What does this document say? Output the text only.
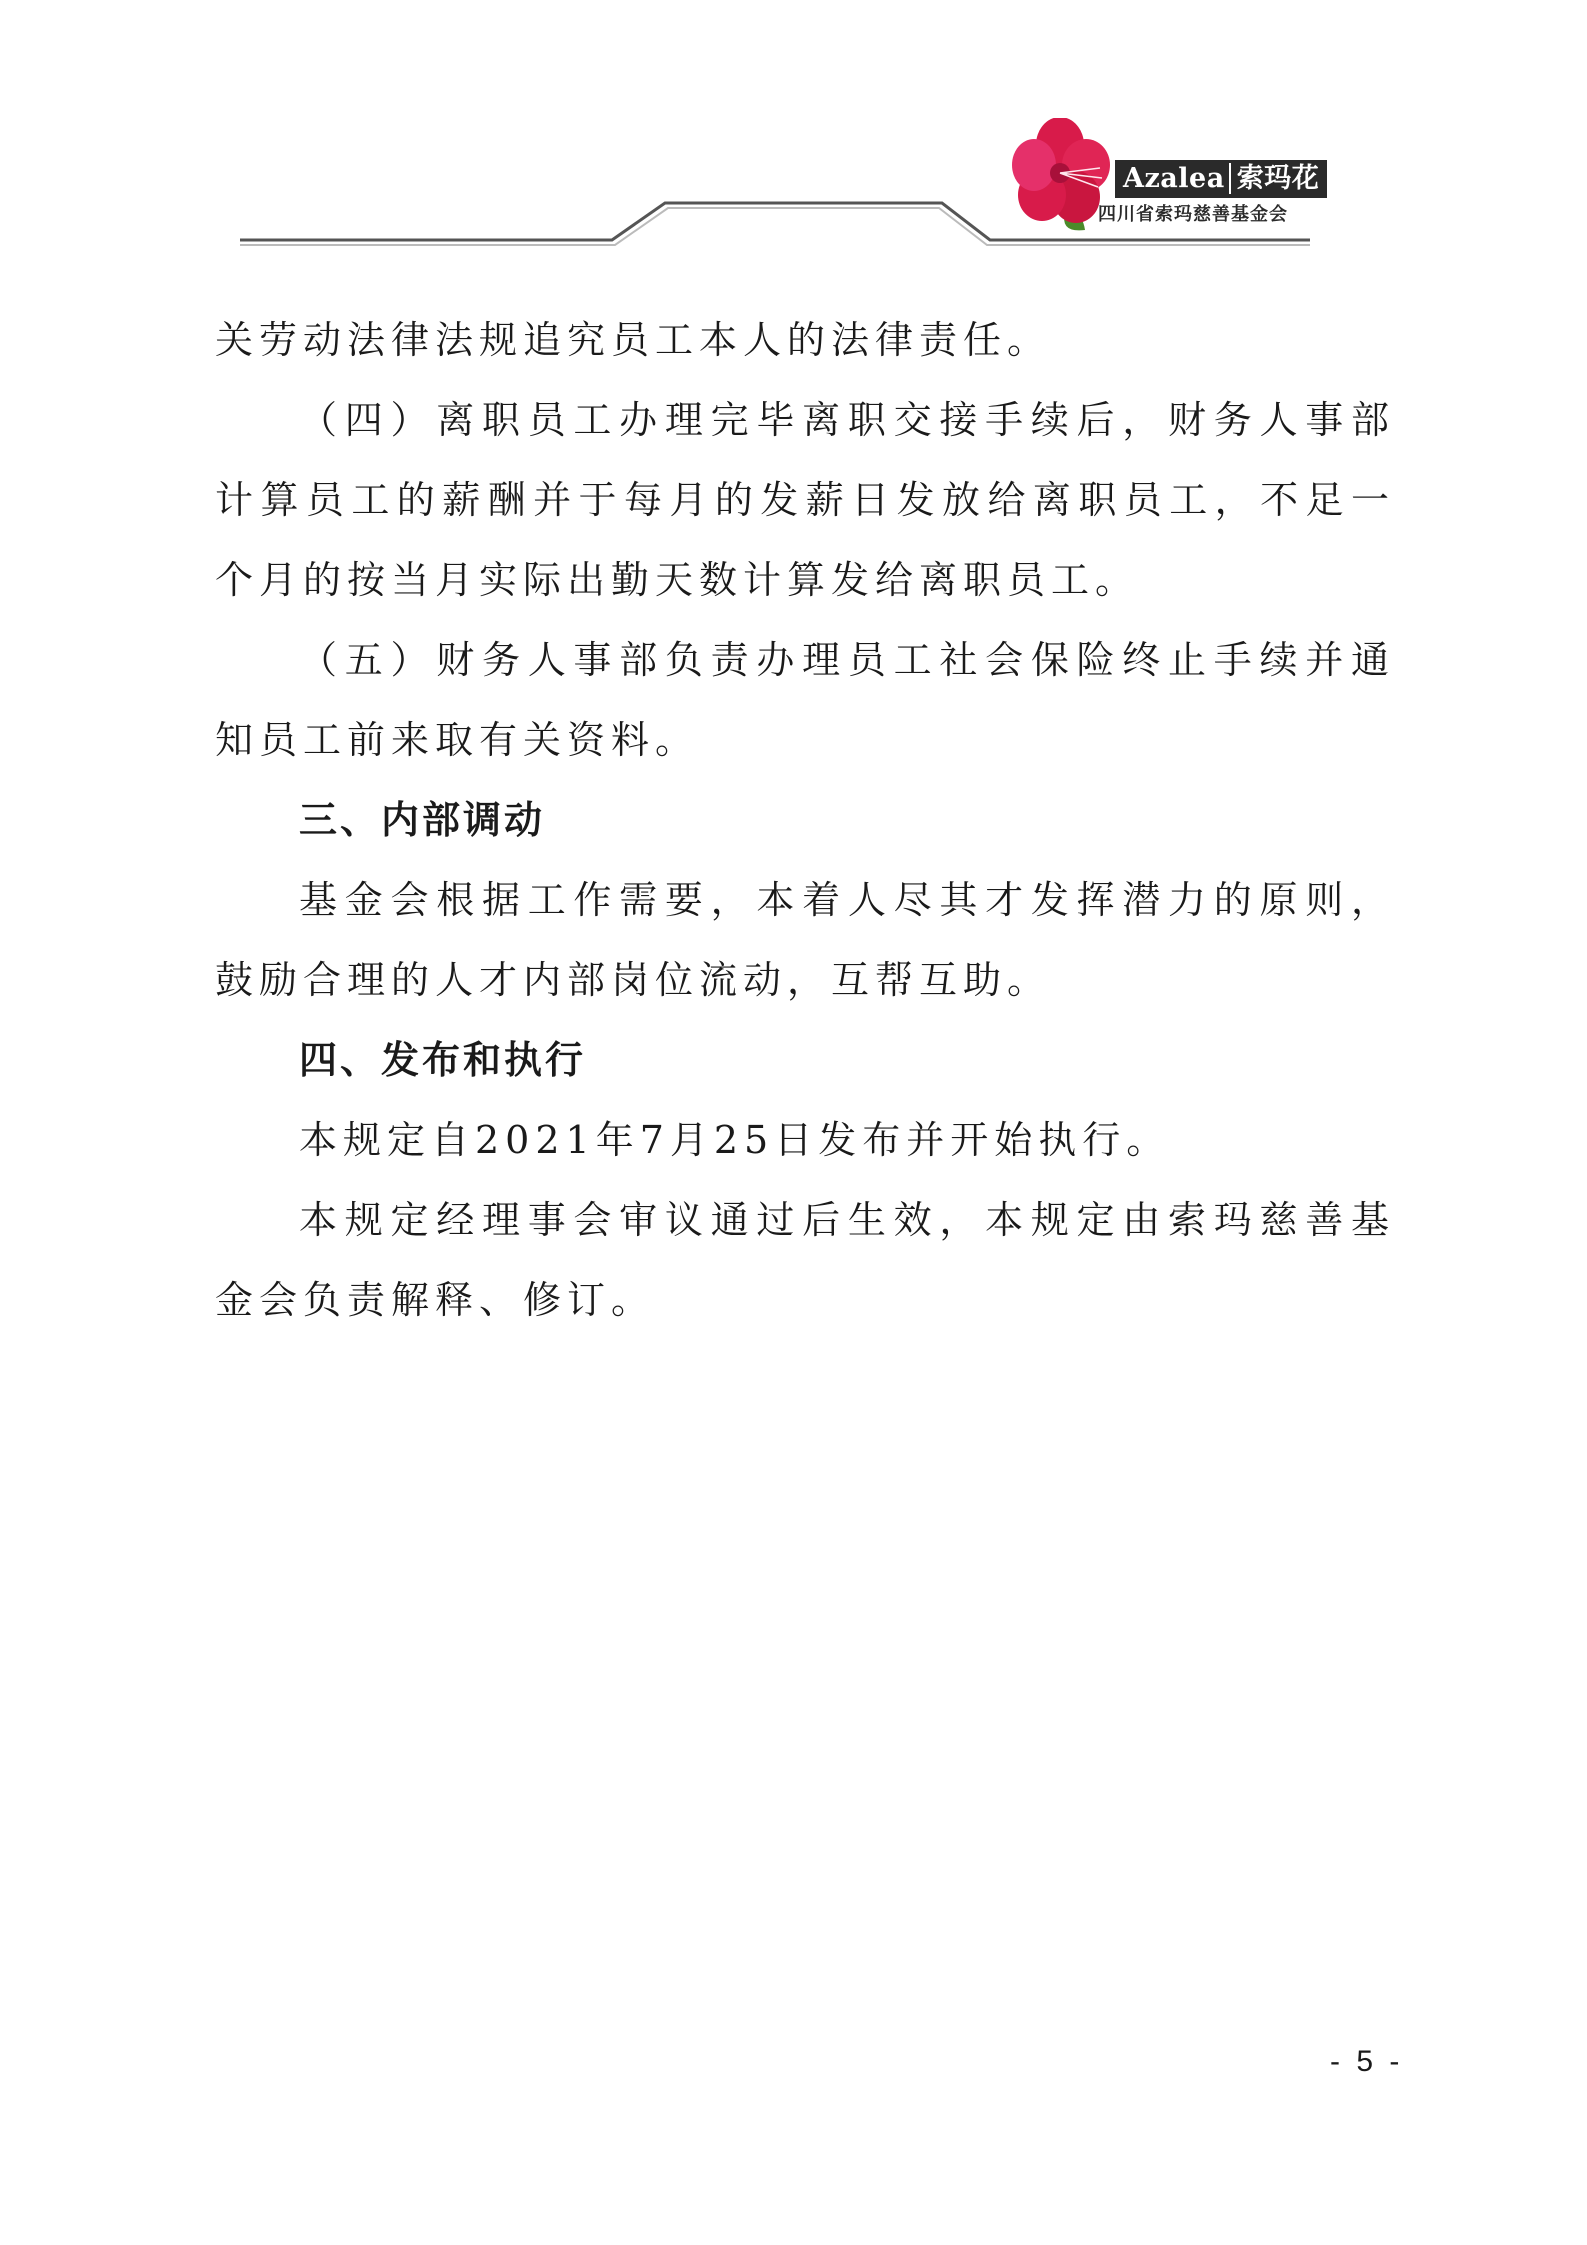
Azalea 索玛花
四川省索玛慈善基金会

关劳动法律法规追究员工本人的法律责任。

（四）离职员工办理完毕离职交接手续后，财务人事部计算员工的薪酬并于每月的发薪日发放给离职员工，不足一个月的按当月实际出勤天数计算发给离职员工。

（五）财务人事部负责办理员工社会保险终止手续并通知员工前来取有关资料。

三、内部调动

基金会根据工作需要，本着人尽其才发挥潜力的原则，鼓励合理的人才内部岗位流动，互帮互助。

四、发布和执行

本规定自2021年7月25日发布并开始执行。

本规定经理事会审议通过后生效，本规定由索玛慈善基金会负责解释、修订。

- 5 -
